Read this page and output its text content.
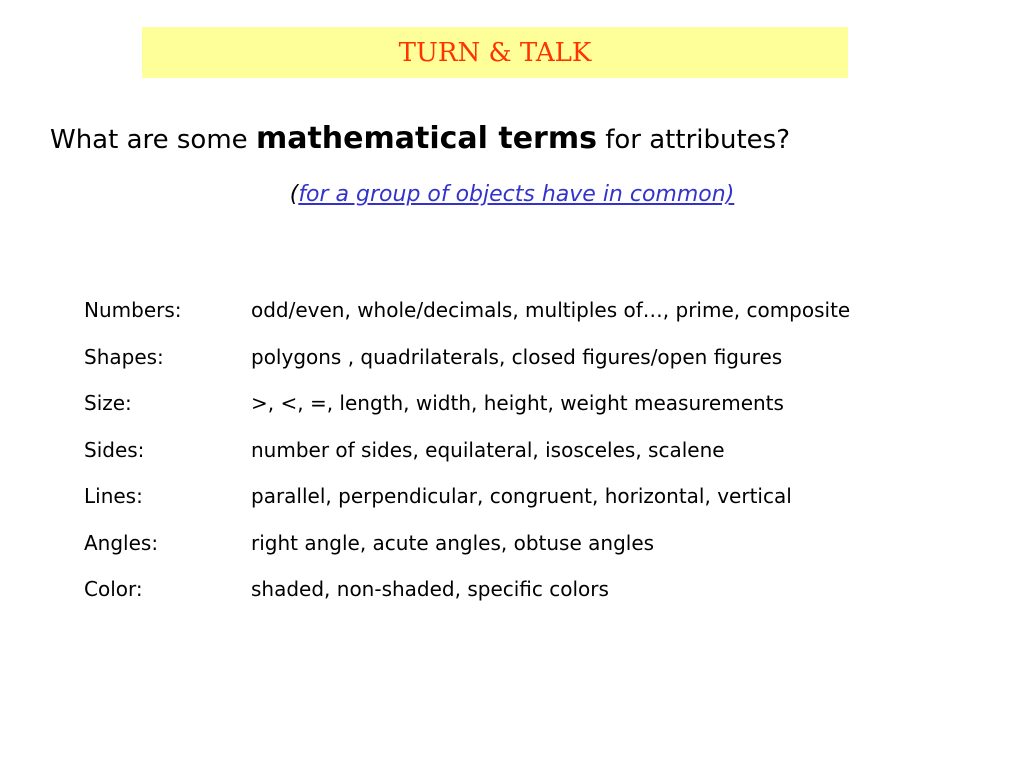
TURN & TALK
What are some mathematical terms for attributes?
(for a group of objects have in common)
Numbers:	odd/even, whole/decimals, multiples of…, prime, composite
Shapes:	polygons , quadrilaterals, closed figures/open figures
Size:	>, <, =, length, width, height, weight measurements
Sides:	number of sides, equilateral, isosceles, scalene
Lines:	parallel, perpendicular, congruent, horizontal, vertical
Angles:	right angle, acute angles, obtuse angles
Color:	shaded, non-shaded, specific colors
